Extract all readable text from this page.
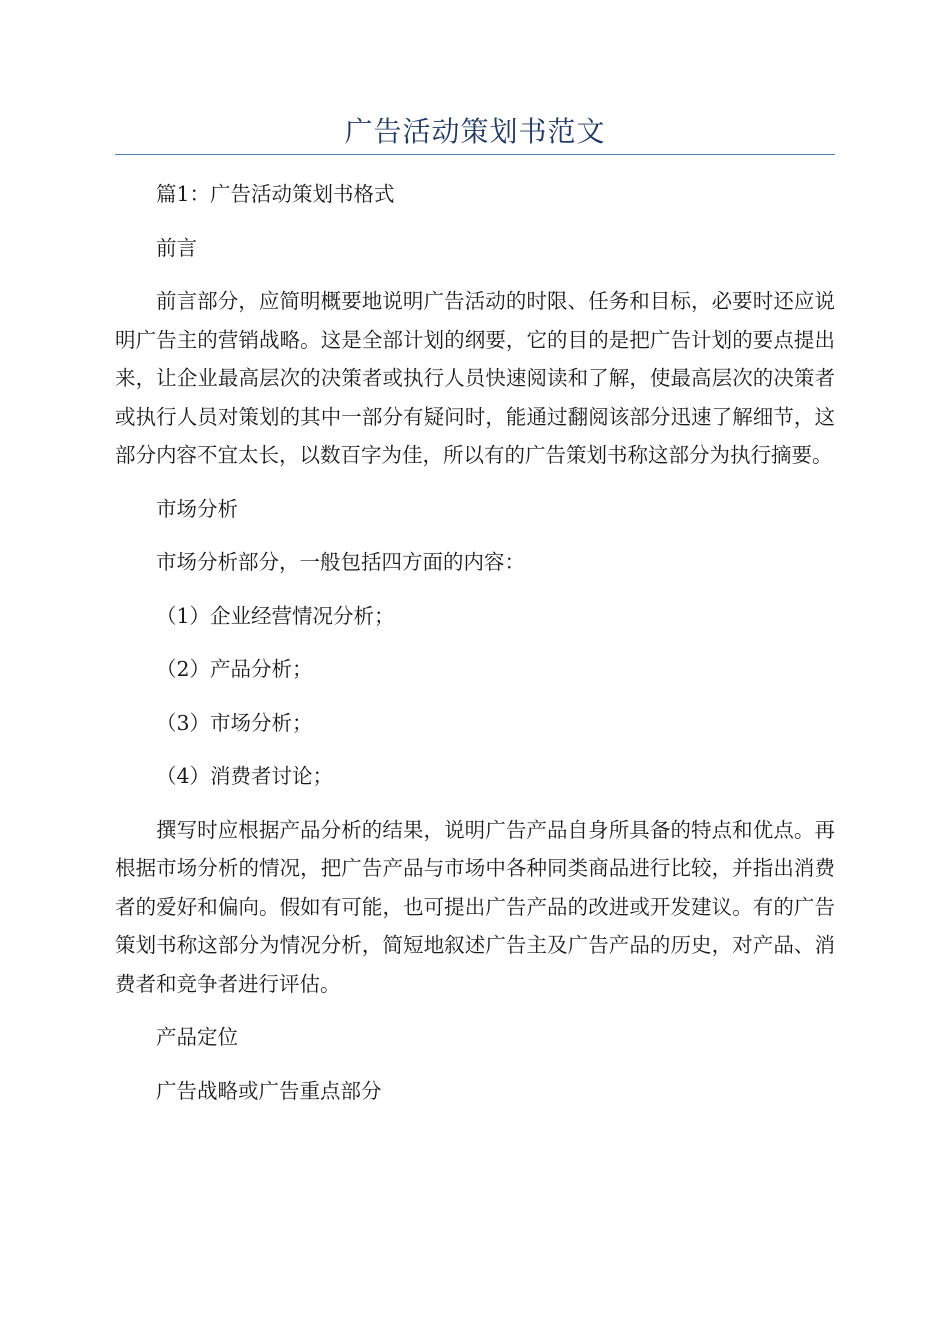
广告活动策划书范文

篇1：广告活动策划书格式

前言

前言部分，应简明概要地说明广告活动的时限、任务和目标，必要时还应说明广告主的营销战略。这是全部计划的纲要，它的目的是把广告计划的要点提出来，让企业最高层次的决策者或执行人员快速阅读和了解，使最高层次的决策者或执行人员对策划的其中一部分有疑问时，能通过翻阅该部分迅速了解细节，这部分内容不宜太长，以数百字为佳，所以有的广告策划书称这部分为执行摘要。

市场分析

市场分析部分，一般包括四方面的内容：

（1）企业经营情况分析；

（2）产品分析；

（3）市场分析；

（4）消费者讨论；

撰写时应根据产品分析的结果，说明广告产品自身所具备的特点和优点。再根据市场分析的情况，把广告产品与市场中各种同类商品进行比较，并指出消费者的爱好和偏向。假如有可能，也可提出广告产品的改进或开发建议。有的广告策划书称这部分为情况分析，简短地叙述广告主及广告产品的历史，对产品、消费者和竞争者进行评估。

产品定位

广告战略或广告重点部分
